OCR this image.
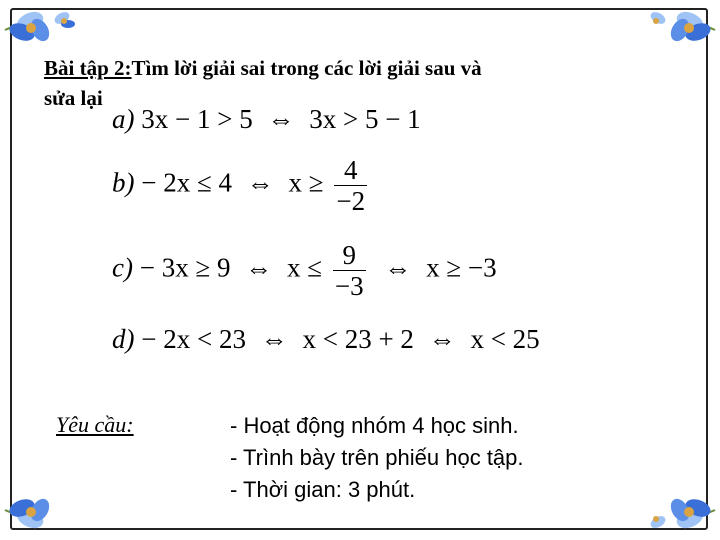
Bài tập 2:Tìm lời giải sai trong các lời giải sau và
sửa lại
a) 3x − 1 > 5 ⇔ 3x > 5 − 1
b) − 2x ≤ 4 ⇔ $x \ge \frac{4}{-2}$
c) − 3x ≥ 9 ⇔ $x \le \frac{9}{-3}$ ⇔ x ≥ −3
d) − 2x < 23 ⇔ x < 23 + 2 ⇔ x < 25
Yêu cầu:	- Hoạt động nhóm 4 học sinh.
- Trình bày trên phiếu học tập.
- Thời gian: 3 phút.
